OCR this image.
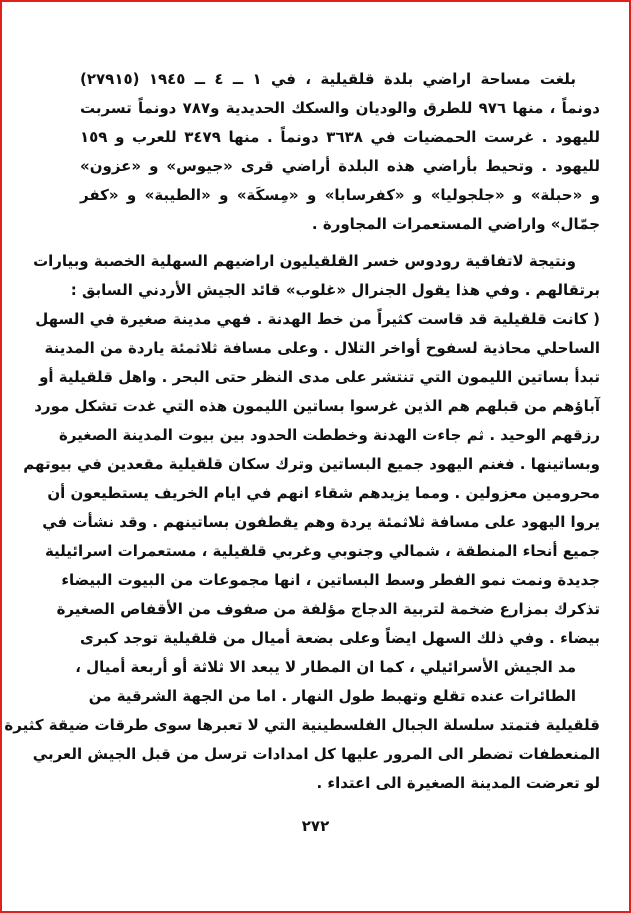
بلغت مساحة اراضي بلدة قلقيلية ، في ١ ــ ٤ ــ ١٩٤٥ (٢٧٩١٥)
دونماً ، منها ٩٧٦ للطرق والوديان والسكك الحديدية و٧٨٧ دونماً تسربت
لليهود . غرست الحمضيات في ٣٦٣٨ دونماً . منها ٣٤٧٩ للعرب و ١٥٩
لليهود . وتحيط بأراضي هذه البلدة أراضي قرى «جيوس» و «عزون»
و «حبلة» و «جلجوليا» و «كفرسابا» و «مِسكَة» و «الطيبة» و «كفر
جمّال» واراضي المستعمرات المجاورة .
ونتيجة لاتفاقية رودوس خسر القلقيليون اراضيهم السهلية الخصبة وبيارات
برتقالهم . وفي هذا يقول الجنرال «غلوب» قائد الجيش الأردني السابق :
( كانت قلقيلية قد قاست كثيراً من خط الهدنة . فهي مدينة صغيرة في السهل
الساحلي محاذية لسفوح أواخر التلال . وعلى مسافة ثلاثمئة ياردة من المدينة
تبدأ بساتين الليمون التي تنتشر على مدى النظر حتى البحر . واهل قلقيلية أو
آباؤهم من قبلهم هم الذين غرسوا بساتين الليمون هذه التي غدت تشكل مورد
رزقهم الوحيد . ثم جاءت الهدنة وخططت الحدود بين بيوت المدينة الصغيرة
وبساتينها . فغنم اليهود جميع البساتين وترك سكان قلقيلية مقعدين في بيوتهم
محرومين معزولين . ومما يزيدهم شقاء انهم في ايام الخريف يستطيعون أن
يروا اليهود على مسافة ثلاثمئة يردة وهم يقطفون بساتينهم . وقد نشأت في
جميع أنحاء المنطقة ، شمالي وجنوبي وغربي قلقيلية ، مستعمرات اسرائيلية
جديدة ونمت نمو الفطر وسط البساتين ، انها مجموعات من البيوت البيضاء
تذكرك بمزارع ضخمة لتربية الدجاج مؤلفة من صفوف من الأقفاص الصغيرة
بيضاء . وفي ذلك السهل ايضاً وعلى بضعة أميال من قلقيلية توجد كبرى
مد الجيش الأسرائيلي ، كما ان المطار لا يبعد الا ثلاثة أو أربعة أميال ،
الطائرات عنده تقلع وتهبط طول النهار . اما من الجهة الشرقية من
قلقيلية فتمتد سلسلة الجبال الفلسطينية التي لا تعبرها سوى طرقات ضيقة كثيرة
المنعطفات تضطر الى المرور عليها كل امدادات ترسل من قبل الجيش العربي
لو تعرضت المدينة الصغيرة الى اعتداء .
٢٧٢
